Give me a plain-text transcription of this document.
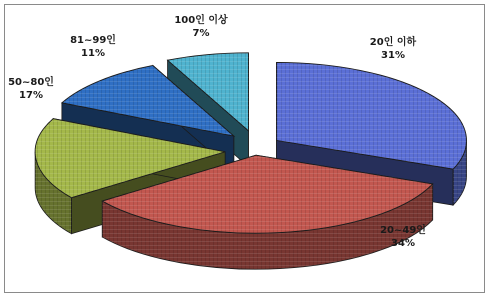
20인 이하 31%
20~49인 34%
50~80인 17%
81~99인 11%
100인 이상 7%
